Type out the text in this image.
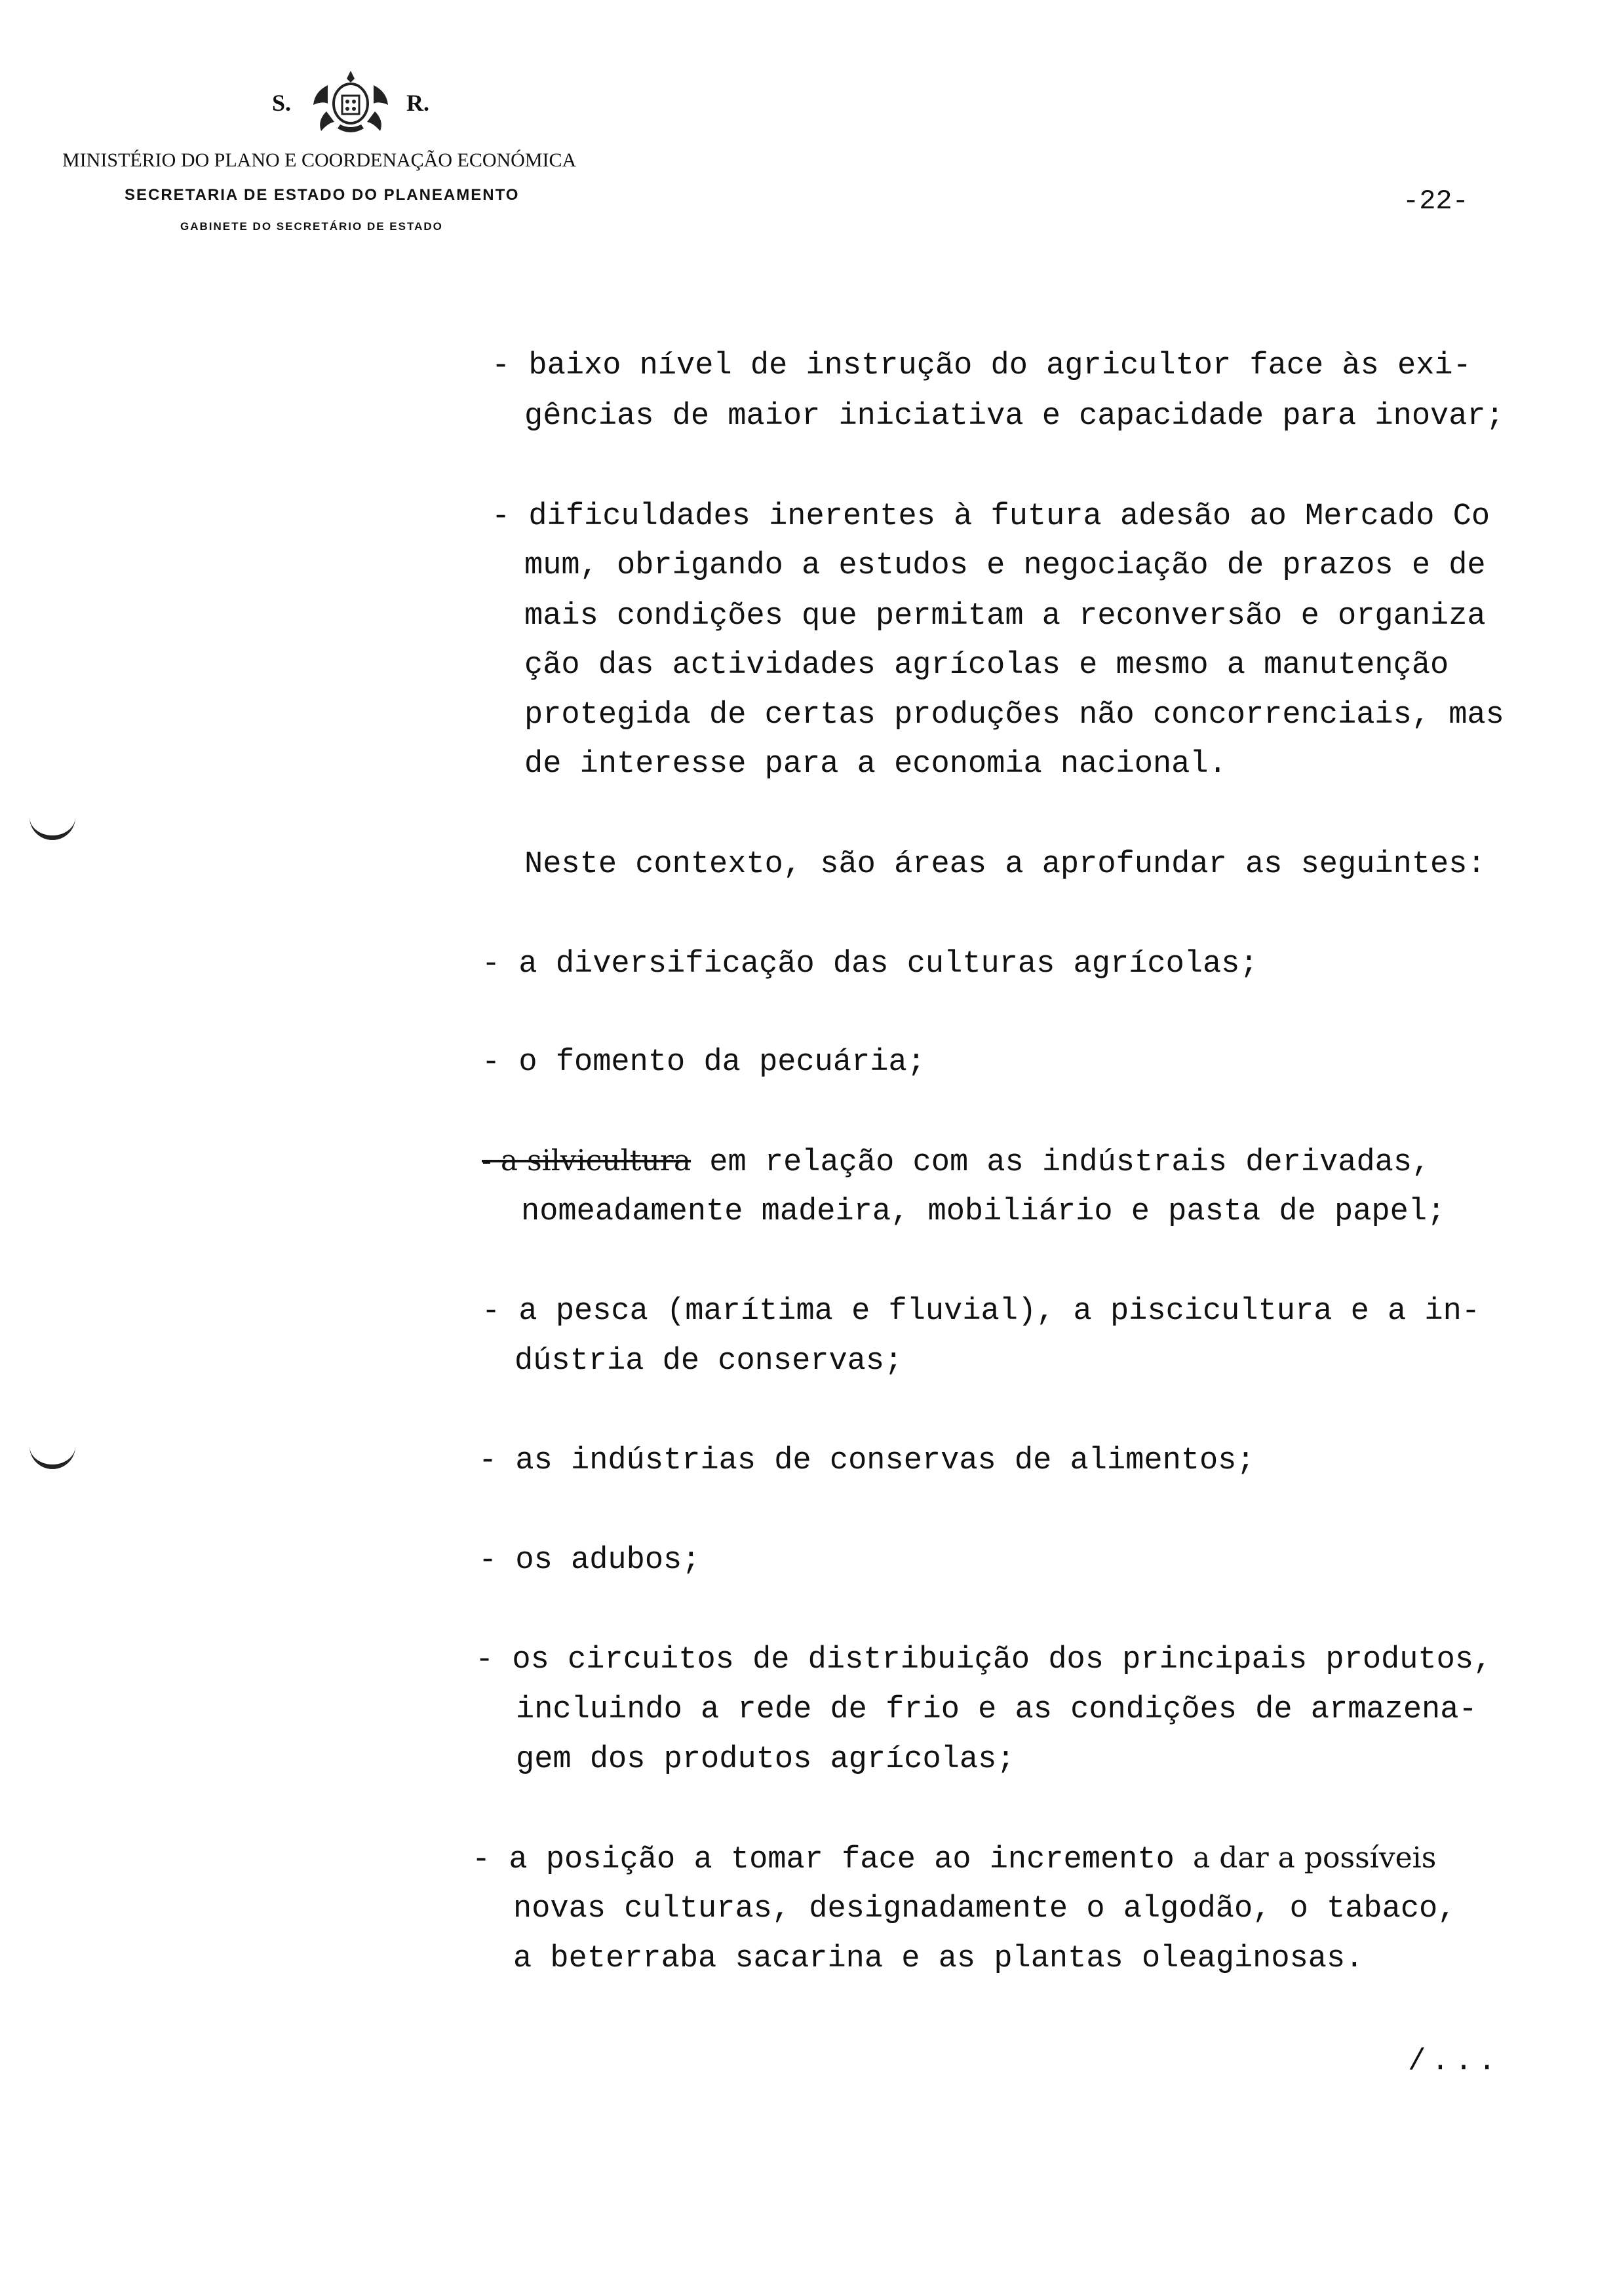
S.	R.
MINISTÉRIO DO PLANO E COORDENAÇÃO ECONÓMICA
SECRETARIA DE ESTADO DO PLANEAMENTO
GABINETE DO SECRETÁRIO DE ESTADO
-22-
- baixo nível de instrução do agricultor face às exi-
gências de maior iniciativa e capacidade para inovar;
- dificuldades inerentes à futura adesão ao Mercado Co
mum, obrigando a estudos e negociação de prazos e de
mais condições que permitam a reconversão e organiza
ção das actividades agrícolas e mesmo a manutenção
protegida de certas produções não concorrenciais, mas
de interesse para a economia nacional.
Neste contexto, são áreas a aprofundar as seguintes:
- a diversificação das culturas agrícolas;
- o fomento da pecuária;
- a silvicultura em relação com as indústrais derivadas,
nomeadamente madeira, mobiliário e pasta de papel;
- a pesca (marítima e fluvial), a piscicultura e a in-
dústria de conservas;
- as indústrias de conservas de alimentos;
- os adubos;
- os circuitos de distribuição dos principais produtos,
incluindo a rede de frio e as condições de armazena-
gem dos produtos agrícolas;
- a posição a tomar face ao incremento a dar a possíveis
novas culturas, designadamente o algodão, o tabaco,
a beterraba sacarina e as plantas oleaginosas.
/...
